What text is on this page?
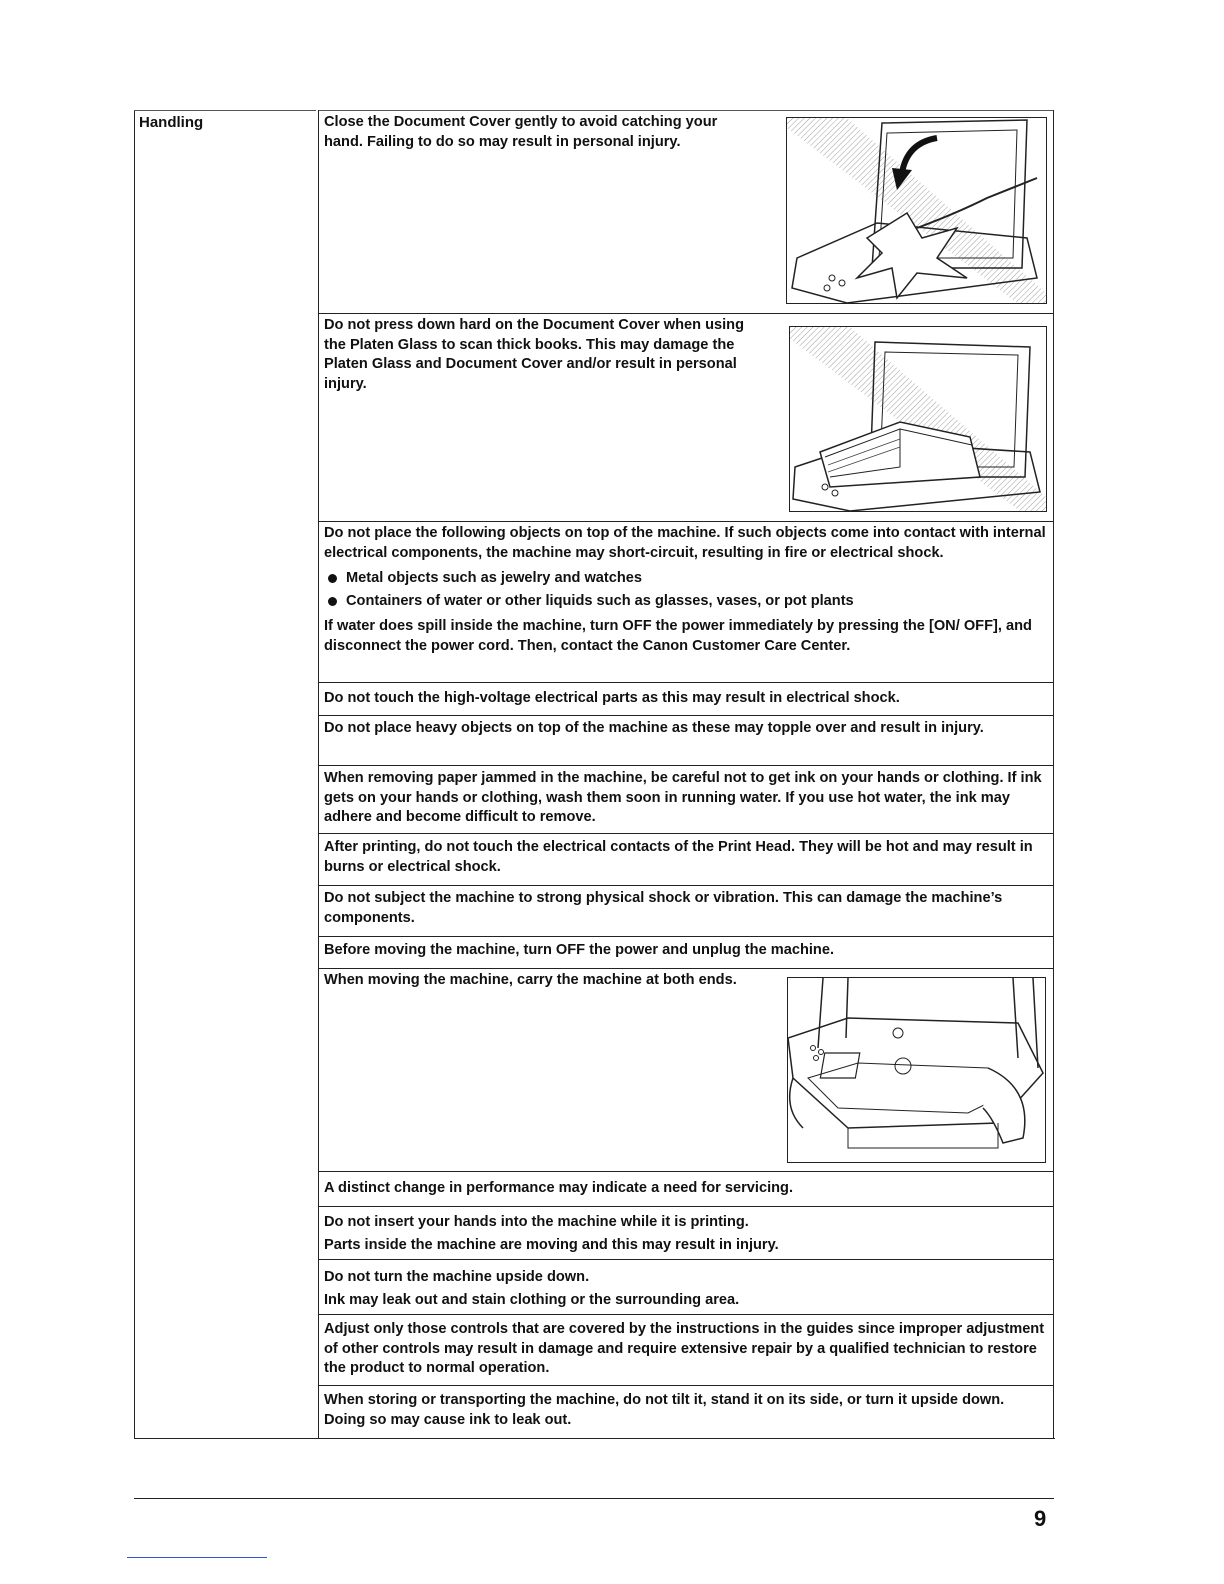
Handling	Close the Document Cover gently to avoid catching your hand. Failing to do so may result in personal injury.

Do not press down hard on the Document Cover when using the Platen Glass to scan thick books. This may damage the Platen Glass and Document Cover and/or result in personal injury.

Do not place the following objects on top of the machine. If such objects come into contact with internal electrical components, the machine may short-circuit, resulting in fire or electrical shock.

Metal objects such as jewelry and watches
Containers of water or other liquids such as glasses, vases, or pot plants

If water does spill inside the machine, turn OFF the power immediately by pressing the [ON/ OFF], and disconnect the power cord. Then, contact the Canon Customer Care Center.

Do not touch the high-voltage electrical parts as this may result in electrical shock.

Do not place heavy objects on top of the machine as these may topple over and result in injury.

When removing paper jammed in the machine, be careful not to get ink on your hands or clothing. If ink gets on your hands or clothing, wash them soon in running water. If you use hot water, the ink may adhere and become difficult to remove.

After printing, do not touch the electrical contacts of the Print Head. They will be hot and may result in burns or electrical shock.

Do not subject the machine to strong physical shock or vibration. This can damage the machine’s components.

Before moving the machine, turn OFF the power and unplug the machine.

When moving the machine, carry the machine at both ends.

A distinct change in performance may indicate a need for servicing.

Do not insert your hands into the machine while it is printing.

Parts inside the machine are moving and this may result in injury.

Do not turn the machine upside down.

Ink may leak out and stain clothing or the surrounding area.

Adjust only those controls that are covered by the instructions in the guides since improper adjustment of other controls may result in damage and require extensive repair by a qualified technician to restore the product to normal operation.

When storing or transporting the machine, do not tilt it, stand it on its side, or turn it upside down. Doing so may cause ink to leak out.

9
